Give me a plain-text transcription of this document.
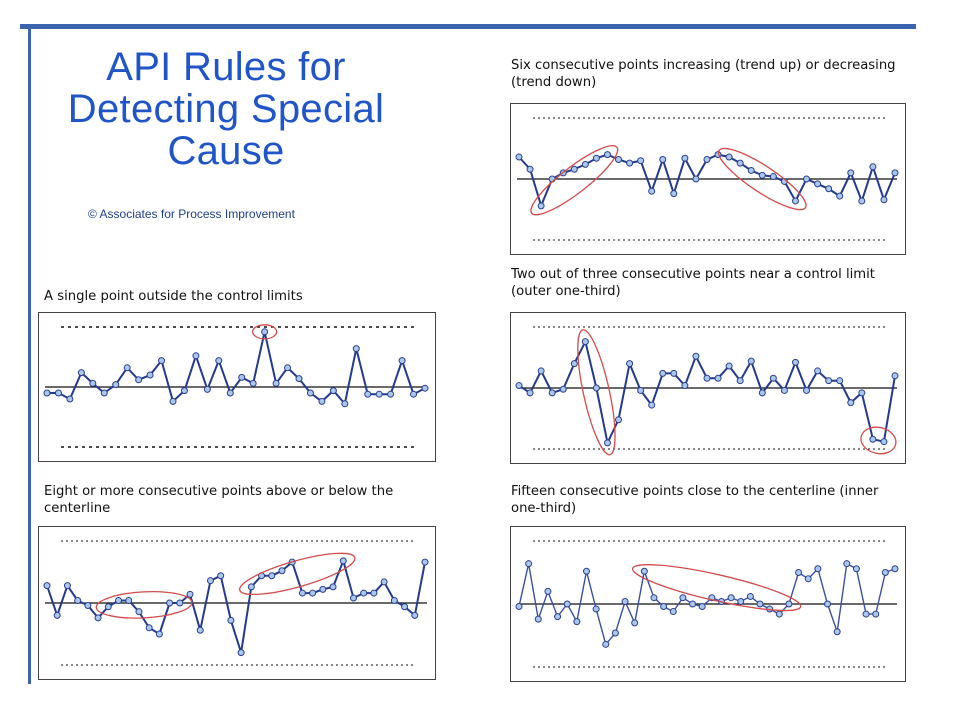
API Rules for Detecting Special Cause
© Associates for Process Improvement

A single point outside the control limits

Eight or more consecutive points above or below the centerline

Six consecutive points increasing (trend up) or decreasing (trend down)

Two out of three consecutive points near a control limit (outer one-third)

Fifteen consecutive points close to the centerline (inner one-third)
